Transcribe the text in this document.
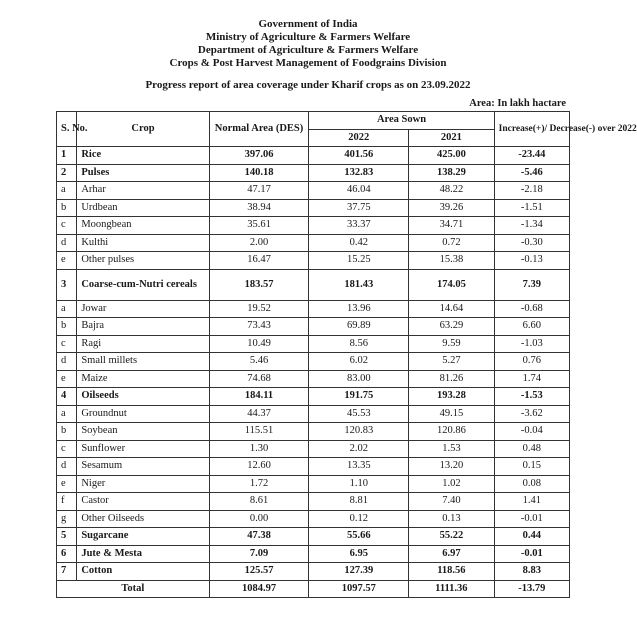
Government of India
Ministry of Agriculture & Farmers Welfare
Department of Agriculture & Farmers Welfare
Crops & Post Harvest Management of Foodgrains Division
Progress report of area coverage under Kharif crops as on 23.09.2022
Area: In lakh hactare
S. No.	Crop	Normal Area (DES)	Area Sown		Increase(+)/ Decrease(-) over 2022
			2022	2021	
1	Rice	397.06	401.56	425.00	-23.44
2	Pulses	140.18	132.83	138.29	-5.46
a	Arhar	47.17	46.04	48.22	-2.18
b	Urdbean	38.94	37.75	39.26	-1.51
c	Moongbean	35.61	33.37	34.71	-1.34
d	Kulthi	2.00	0.42	0.72	-0.30
e	Other pulses	16.47	15.25	15.38	-0.13
3	Coarse-cum-Nutri cereals	183.57	181.43	174.05	7.39
a	Jowar	19.52	13.96	14.64	-0.68
b	Bajra	73.43	69.89	63.29	6.60
c	Ragi	10.49	8.56	9.59	-1.03
d	Small millets	5.46	6.02	5.27	0.76
e	Maize	74.68	83.00	81.26	1.74
4	Oilseeds	184.11	191.75	193.28	-1.53
a	Groundnut	44.37	45.53	49.15	-3.62
b	Soybean	115.51	120.83	120.86	-0.04
c	Sunflower	1.30	2.02	1.53	0.48
d	Sesamum	12.60	13.35	13.20	0.15
e	Niger	1.72	1.10	1.02	0.08
f	Castor	8.61	8.81	7.40	1.41
g	Other Oilseeds	0.00	0.12	0.13	-0.01
5	Sugarcane	47.38	55.66	55.22	0.44
6	Jute & Mesta	7.09	6.95	6.97	-0.01
7	Cotton	125.57	127.39	118.56	8.83
Total		1084.97	1097.57	1111.36	-13.79
